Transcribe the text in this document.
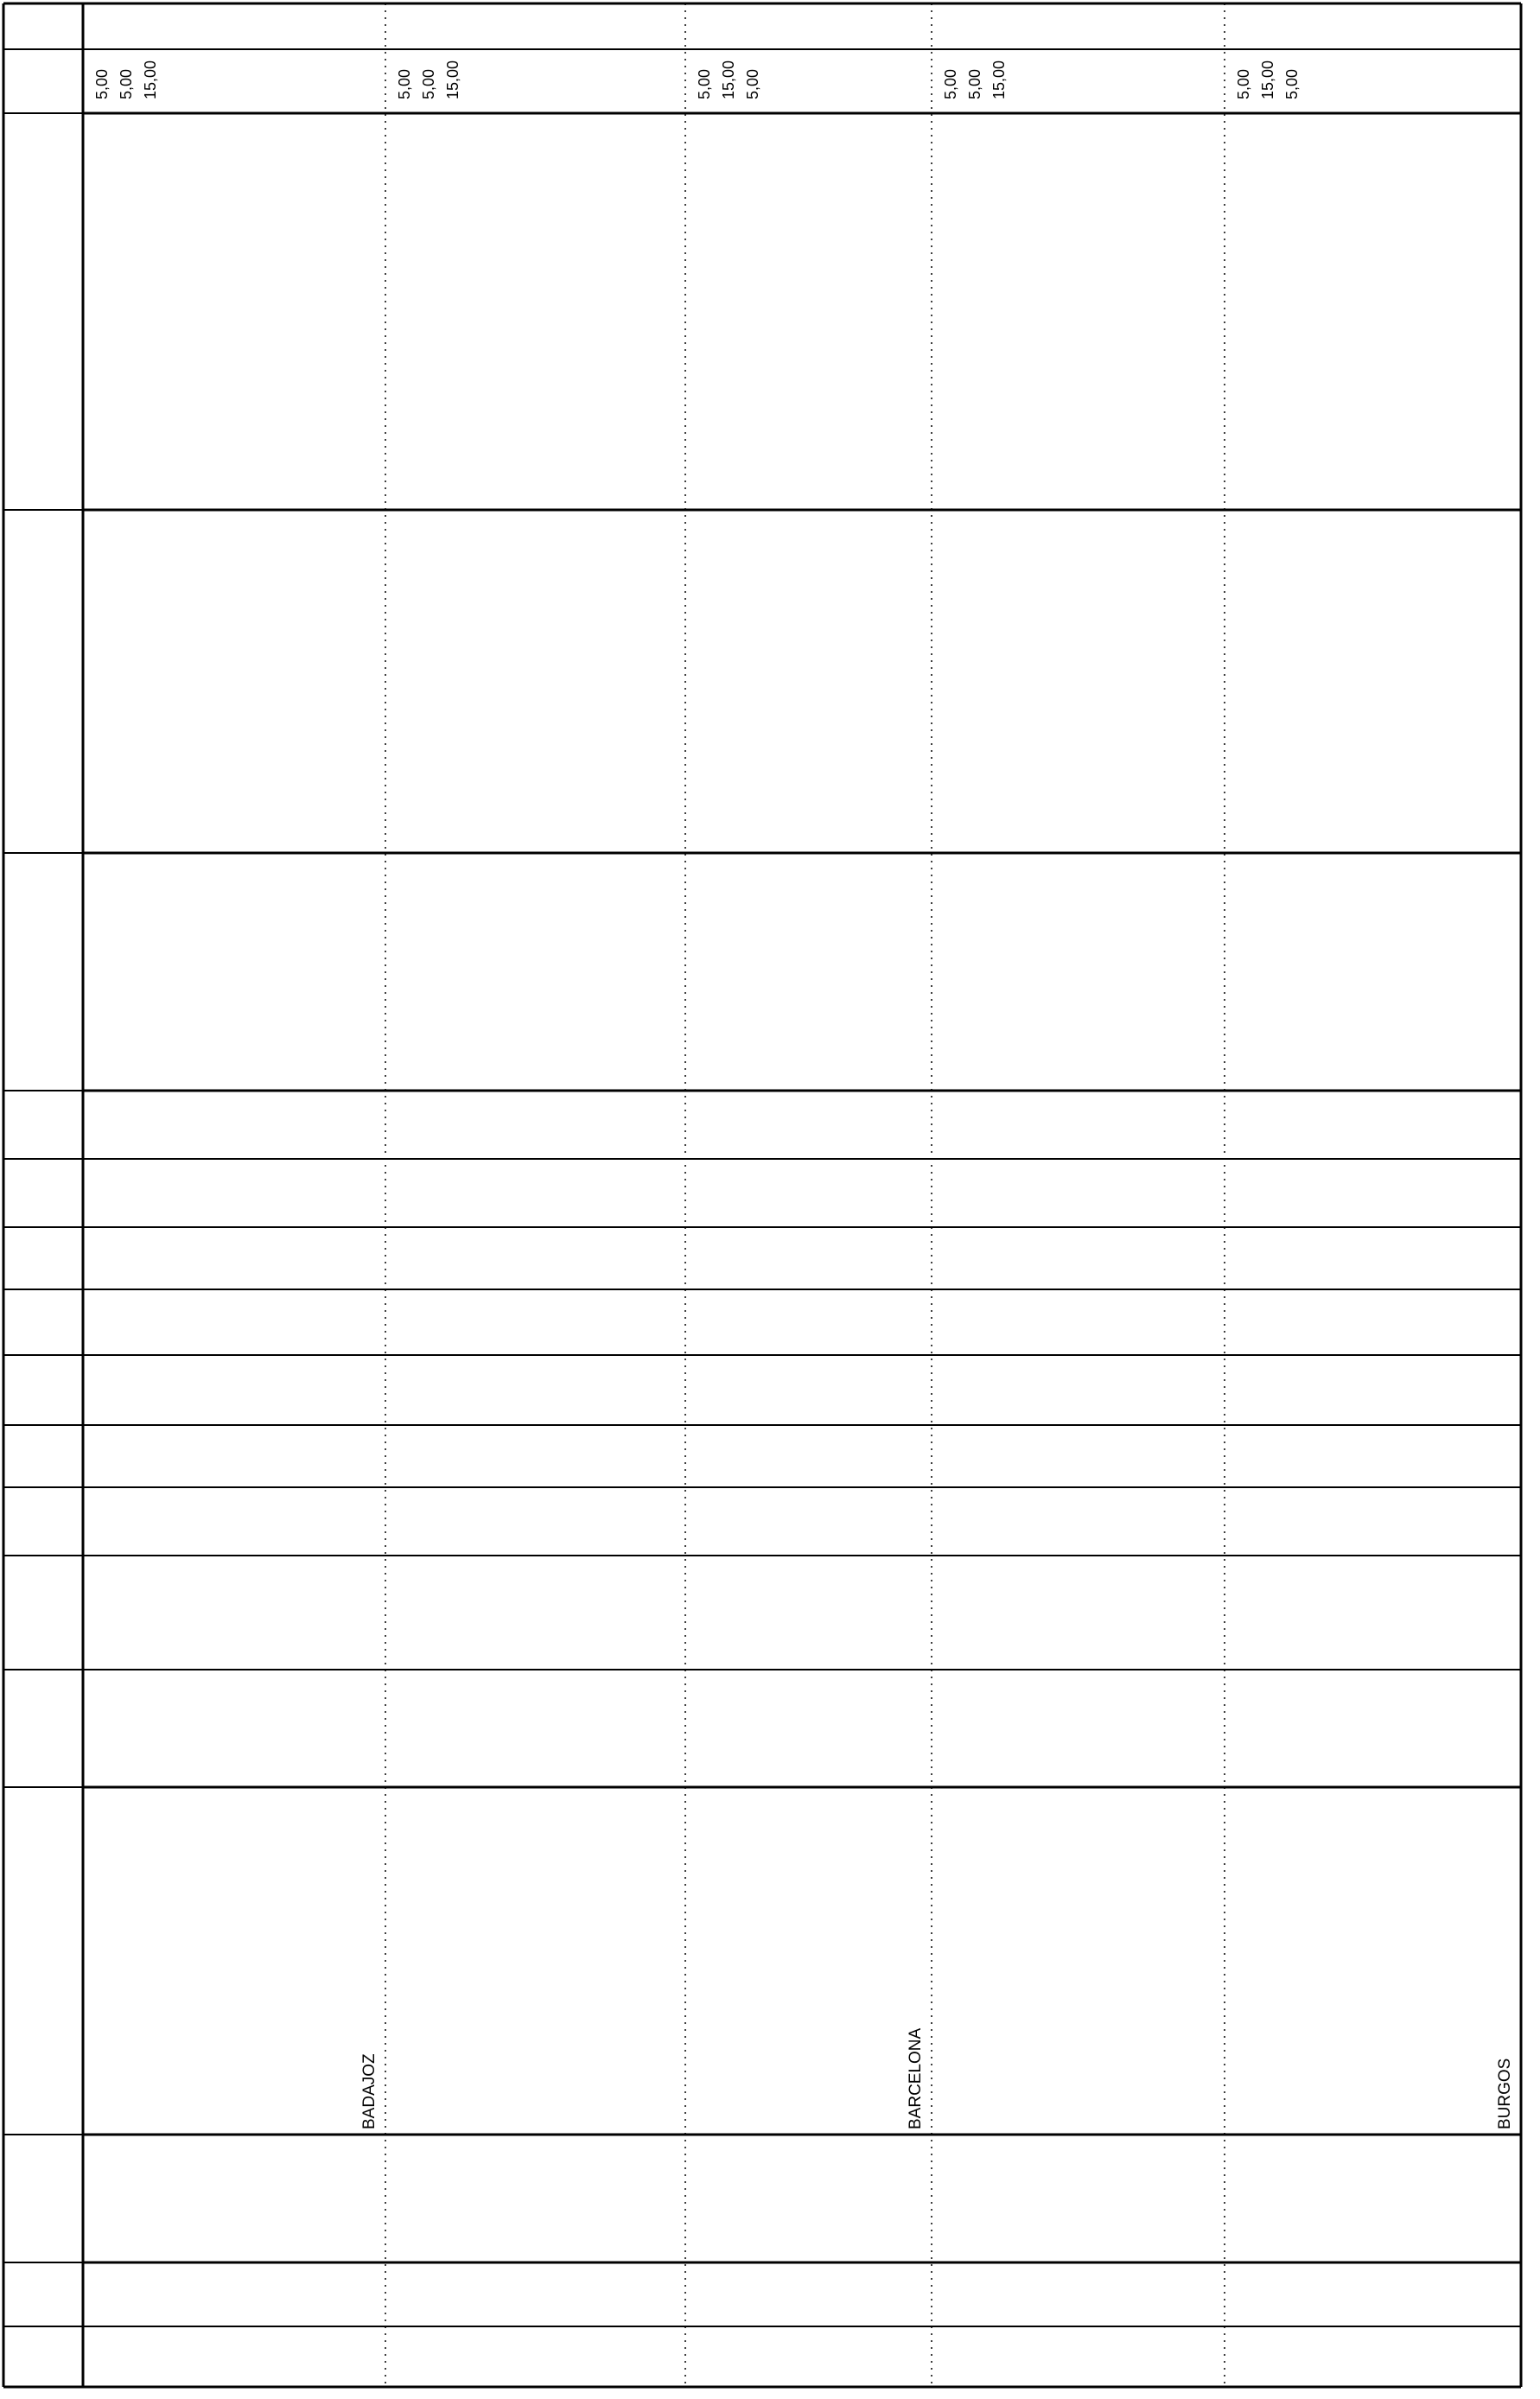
5,00 5,00 15,00
BADAJOZ
5,00 5,00 15,00	5,00 15,00 5,00
BARCELONA
5,00 5,00 15,00	5,00 15,00 5,00
BURGOS
